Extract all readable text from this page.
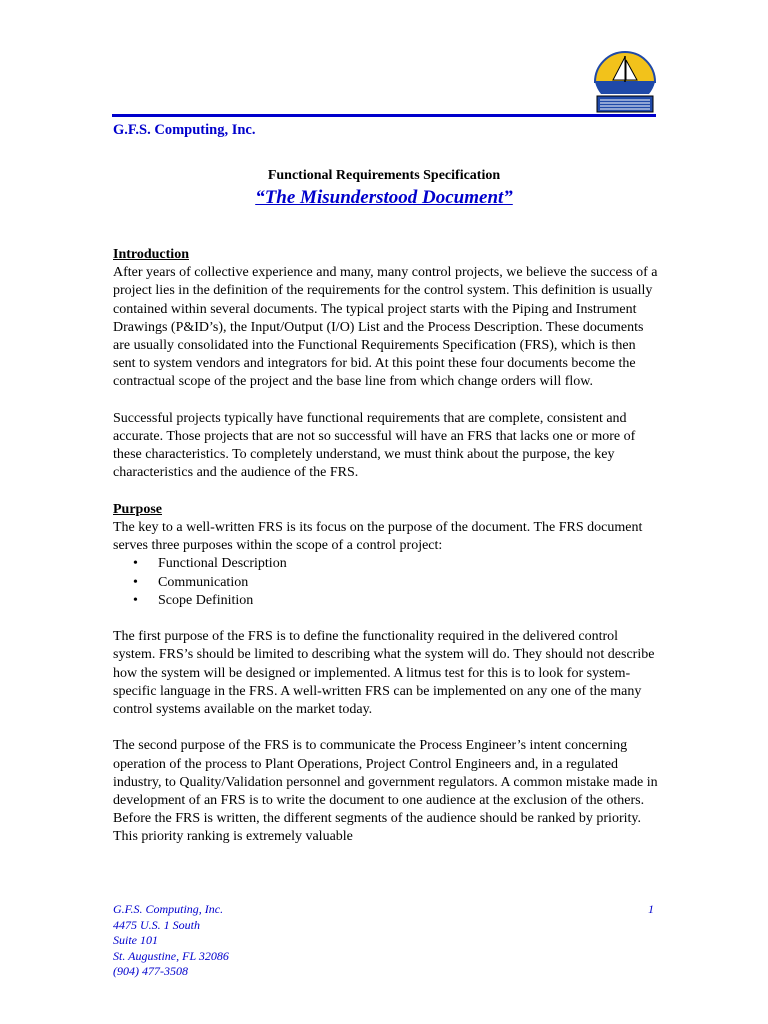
G.F.S. Computing, Inc.
Functional Requirements Specification
“The Misunderstood Document”

Introduction

After years of collective experience and many, many control projects, we believe the success of a project lies in the definition of the requirements for the control system. This definition is usually contained within several documents. The typical project starts with the Piping and Instrument Drawings (P&ID’s), the Input/Output (I/O) List and the Process Description. These documents are usually consolidated into the Functional Requirements Specification (FRS), which is then sent to system vendors and integrators for bid. At this point these four documents become the contractual scope of the project and the base line from which change orders will flow.

Successful projects typically have functional requirements that are complete, consistent and accurate. Those projects that are not so successful will have an FRS that lacks one or more of these characteristics. To completely understand, we must think about the purpose, the key characteristics and the audience of the FRS.

Purpose

The key to a well-written FRS is its focus on the purpose of the document. The FRS document serves three purposes within the scope of a control project:

• Functional Description
• Communication
• Scope Definition

The first purpose of the FRS is to define the functionality required in the delivered control system. FRS’s should be limited to describing what the system will do. They should not describe how the system will be designed or implemented. A litmus test for this is to look for system-specific language in the FRS. A well-written FRS can be implemented on any one of the many control systems available on the market today.

The second purpose of the FRS is to communicate the Process Engineer’s intent concerning operation of the process to Plant Operations, Project Control Engineers and, in a regulated industry, to Quality/Validation personnel and government regulators. A common mistake made in development of an FRS is to write the document to one audience at the exclusion of the others. Before the FRS is written, the different segments of the audience should be ranked by priority. This priority ranking is extremely valuable

G.F.S. Computing, Inc.
4475 U.S. 1 South
Suite 101
St. Augustine, FL 32086
(904) 477-3508
1
